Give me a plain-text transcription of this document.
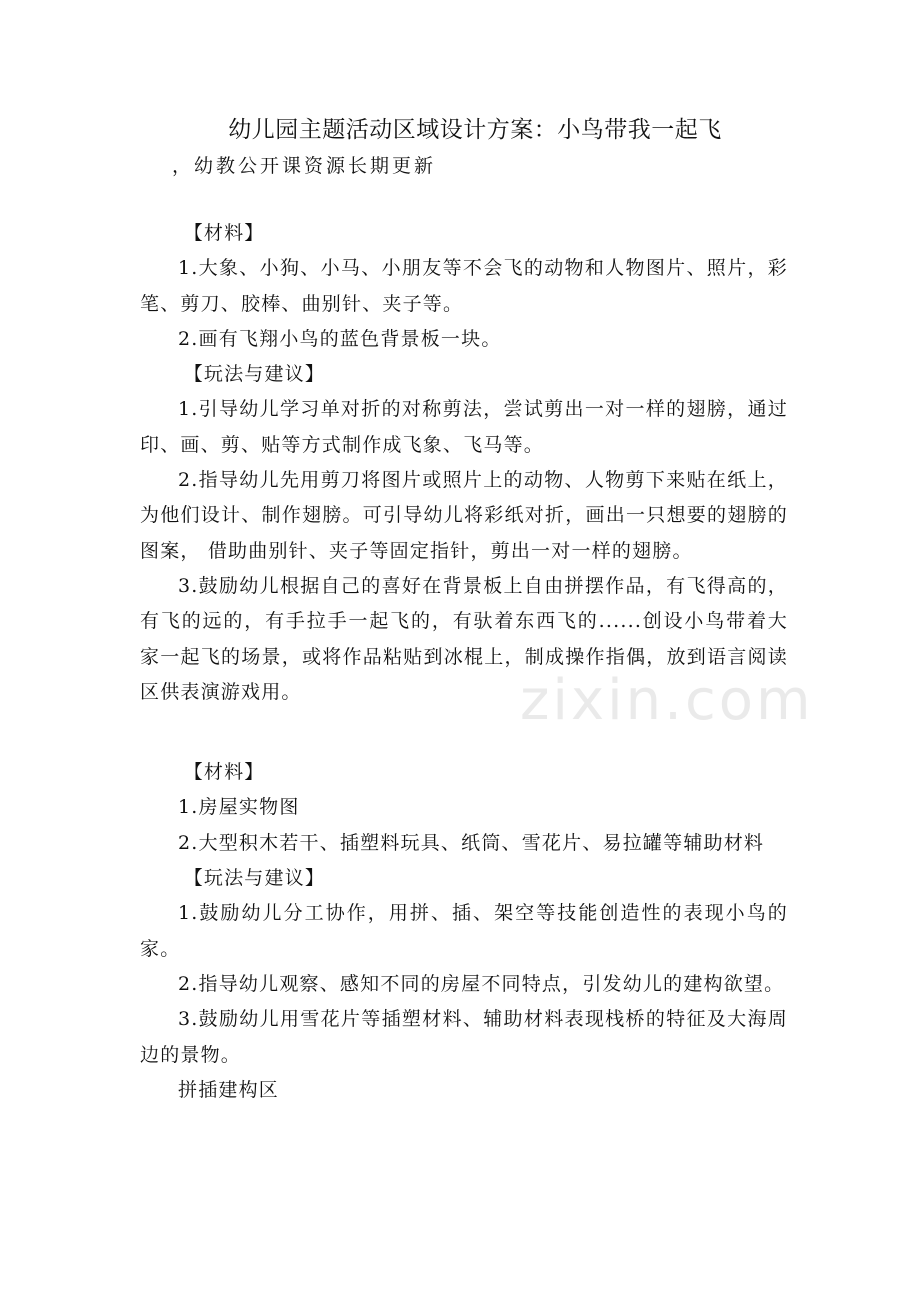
幼儿园主题活动区域设计方案：小鸟带我一起飞
，幼教公开课资源长期更新
zixin.com

【材料】

1.大象、小狗、小马、小朋友等不会飞的动物和人物图片、照片，彩笔、剪刀、胶棒、曲别针、夹子等。

2.画有飞翔小鸟的蓝色背景板一块。

【玩法与建议】

1.引导幼儿学习单对折的对称剪法，尝试剪出一对一样的翅膀，通过印、画、剪、贴等方式制作成飞象、飞马等。

2.指导幼儿先用剪刀将图片或照片上的动物、人物剪下来贴在纸上，为他们设计、制作翅膀。可引导幼儿将彩纸对折，画出一只想要的翅膀的图案， 借助曲别针、夹子等固定指针，剪出一对一样的翅膀。

3.鼓励幼儿根据自己的喜好在背景板上自由拼摆作品，有飞得高的，有飞的远的，有手拉手一起飞的，有驮着东西飞的......创设小鸟带着大家一起飞的场景，或将作品粘贴到冰棍上，制成操作指偶，放到语言阅读区供表演游戏用。

【材料】

1.房屋实物图

2.大型积木若干、插塑料玩具、纸筒、雪花片、易拉罐等辅助材料

【玩法与建议】

1.鼓励幼儿分工协作，用拼、插、架空等技能创造性的表现小鸟的家。

2.指导幼儿观察、感知不同的房屋不同特点，引发幼儿的建构欲望。

3.鼓励幼儿用雪花片等插塑材料、辅助材料表现栈桥的特征及大海周边的景物。

拼插建构区
